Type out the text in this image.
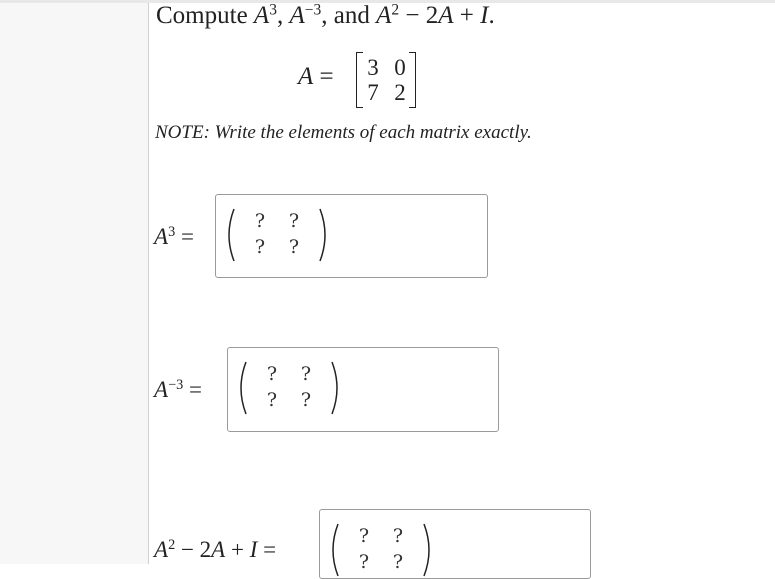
Compute $A^3$, $A^{-3}$, and $A^2 - 2A + I$.
A = 3 0
7 2
NOTE: Write the elements of each matrix exactly.
$A^3$ =
? ?
? ?
$A^{-3}$ =
? ?
? ?
$A^2 - 2A + I$ =
? ?
? ?
